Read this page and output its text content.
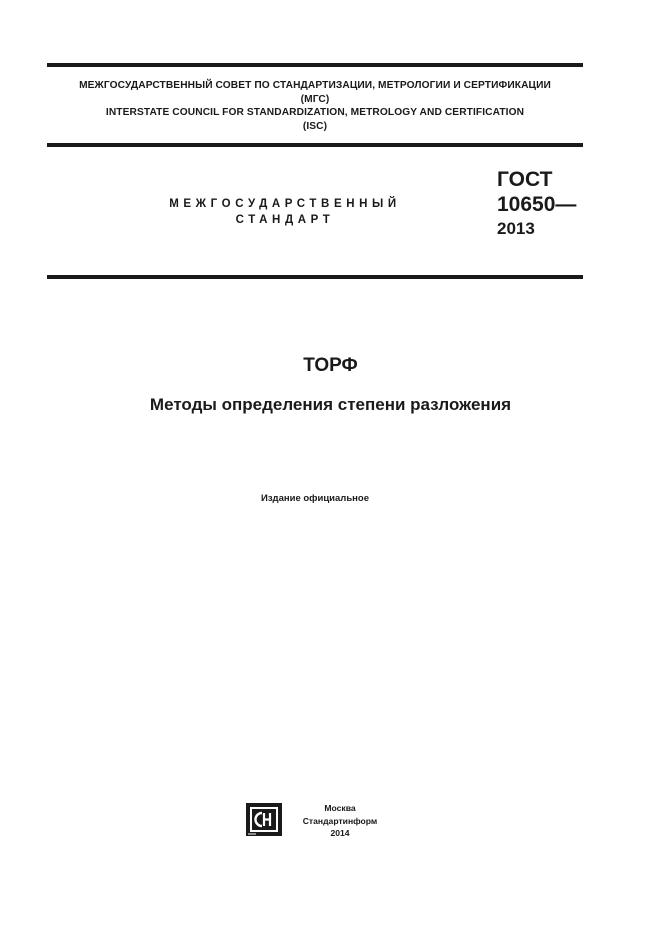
МЕЖГОСУДАРСТВЕННЫЙ СОВЕТ ПО СТАНДАРТИЗАЦИИ, МЕТРОЛОГИИ И СЕРТИФИКАЦИИ
(МГС)
INTERSTATE COUNCIL FOR STANDARDIZATION, METROLOGY AND CERTIFICATION
(ISC)
МЕЖГОСУДАРСТВЕННЫЙ
СТАНДАРТ
ГОСТ
10650—
2013
ТОРФ
Методы определения степени разложения
Издание официальное
Москва
Стандартинформ
2014
